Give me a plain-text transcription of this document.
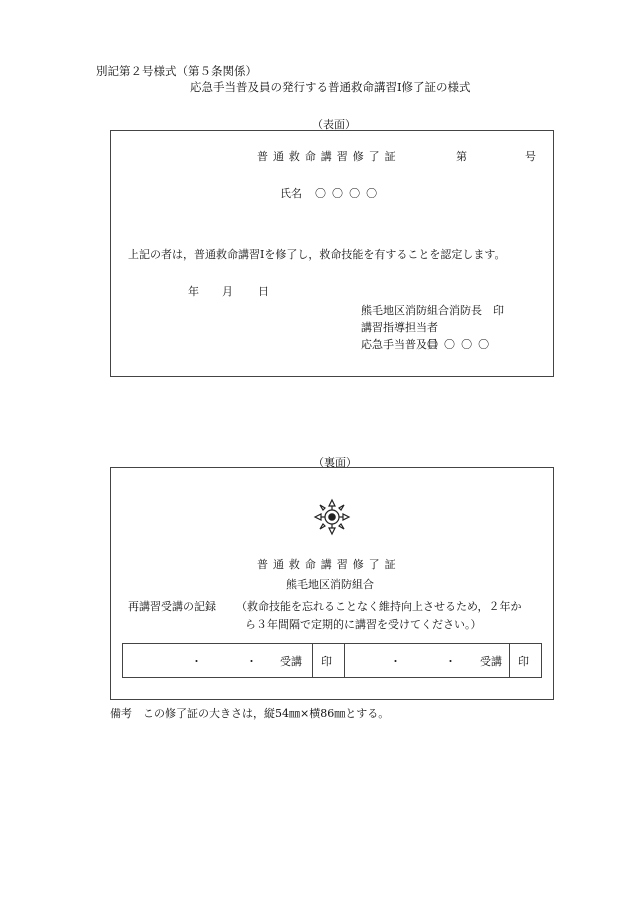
別記第２号様式（第５条関係）
応急手当普及員の発行する普通救命講習Ⅰ修了証の様式
（表面）
普通救命講習修了証	第	号
氏名 〇〇〇〇
上記の者は，普通救命講習Ⅰを修了し，救命技能を有することを認定します。
年 月 日
熊毛地区消防組合消防長　印
講習指導担当者
応急手当普及員
〇〇〇〇
（裏面）
普通救命講習修了証
熊毛地区消防組合
再講習受講の記録 （救命技能を忘れることなく維持向上させるため，２年か
ら３年間隔で定期的に講習を受けてください。）
・　　　　・ 受講 印	・　　　　・ 受講 印
備考　この修了証の大きさは，縦54㎜×横86㎜とする。
